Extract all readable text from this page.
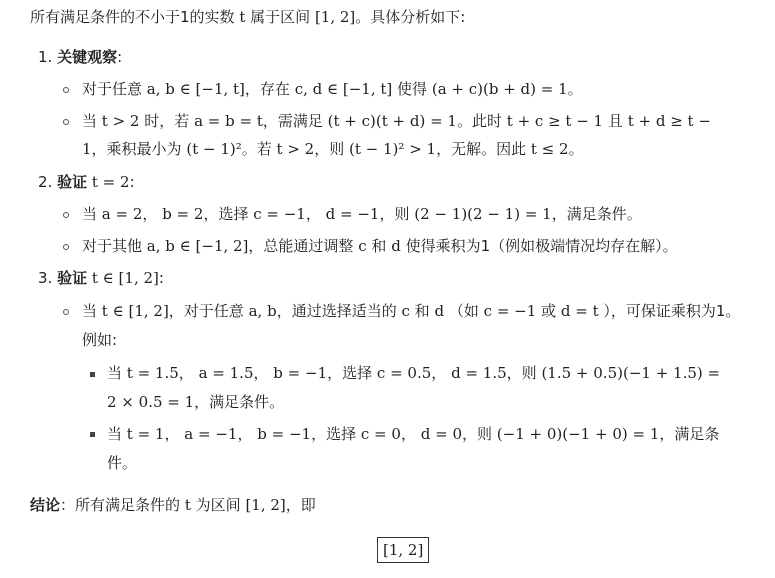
所有满足条件的不小于1的实数 t 属于区间 [1, 2]。具体分析如下:
1. 关键观察:
对于任意 a, b ∈ [−1, t]，存在 c, d ∈ [−1, t] 使得 (a + c)(b + d) = 1。
当 t > 2 时，若 a = b = t，需满足 (t + c)(t + d) = 1。此时 t + c ≥ t − 1 且 t + d ≥ t −
1，乘积最小为 (t − 1)²。若 t > 2，则 (t − 1)² > 1，无解。因此 t ≤ 2。
2. 验证 t = 2:
当 a = 2， b = 2，选择 c = −1， d = −1，则 (2 − 1)(2 − 1) = 1，满足条件。
对于其他 a, b ∈ [−1, 2]，总能通过调整 c 和 d 使得乘积为1（例如极端情况均存在解）。
3. 验证 t ∈ [1, 2]:
当 t ∈ [1, 2]，对于任意 a, b，通过选择适当的 c 和 d （如 c = −1 或 d = t ），可保证乘积为1。
例如:
当 t = 1.5， a = 1.5， b = −1，选择 c = 0.5， d = 1.5，则 (1.5 + 0.5)(−1 + 1.5) =
2 × 0.5 = 1，满足条件。
当 t = 1， a = −1， b = −1，选择 c = 0， d = 0，则 (−1 + 0)(−1 + 0) = 1，满足条
件。
结论：所有满足条件的 t 为区间 [1, 2]，即
[1, 2]
